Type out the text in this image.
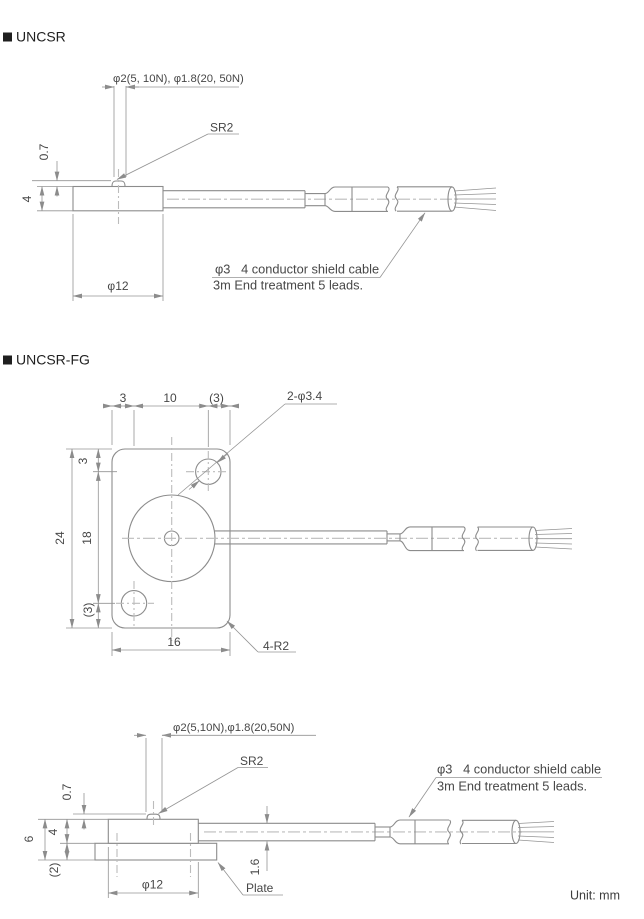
UNCSR
φ2(5, 10N), φ1.8(20, 50N)
0.7
4
φ12
SR2
φ3   4 conductor shield cable
3m End treatment 5 leads.
UNCSR-FG
3	10	(3)
3
24 18
(3)
16
2-φ3.4
4-R2
φ2(5,10N),φ1.8(20,50N)
0.7
6
4
(2)
φ12
1.6
SR2
Plate
φ3   4 conductor shield cable
3m End treatment 5 leads.
Unit: mm
